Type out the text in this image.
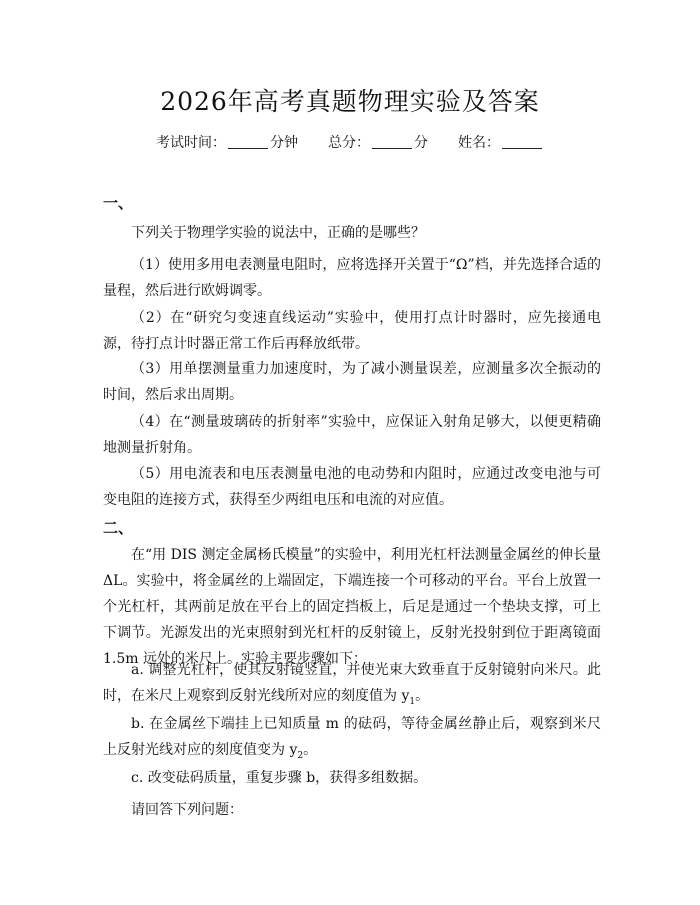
2026年高考真题物理实验及答案
考试时间：	分钟 总分：	分 姓名：
一、
下列关于物理学实验的说法中，正确的是哪些？
（1）使用多用电表测量电阻时，应将选择开关置于“Ω”档，并先选择合适的量程，然后进行欧姆调零。
（2）在“研究匀变速直线运动”实验中，使用打点计时器时，应先接通电源，待打点计时器正常工作后再释放纸带。
（3）用单摆测量重力加速度时，为了减小测量误差，应测量多次全振动的时间，然后求出周期。
（4）在“测量玻璃砖的折射率”实验中，应保证入射角足够大，以便更精确地测量折射角。
（5）用电流表和电压表测量电池的电动势和内阻时，应通过改变电池与可变电阻的连接方式，获得至少两组电压和电流的对应值。
二、
在“用 DIS 测定金属杨氏模量”的实验中，利用光杠杆法测量金属丝的伸长量 ΔL。实验中，将金属丝的上端固定，下端连接一个可移动的平台。平台上放置一个光杠杆，其两前足放在平台上的固定挡板上，后足是通过一个垫块支撑，可上下调节。光源发出的光束照射到光杠杆的反射镜上，反射光投射到位于距离镜面1.5m 远处的米尺上。实验主要步骤如下：
a. 调整光杠杆，使其反射镜竖直，并使光束大致垂直于反射镜射向米尺。此时，在米尺上观察到反射光线所对应的刻度值为 $y_1$。
b. 在金属丝下端挂上已知质量 m 的砝码，等待金属丝静止后，观察到米尺上反射光线对应的刻度值变为 $y_2$。
c. 改变砝码质量，重复步骤 b，获得多组数据。
请回答下列问题：
